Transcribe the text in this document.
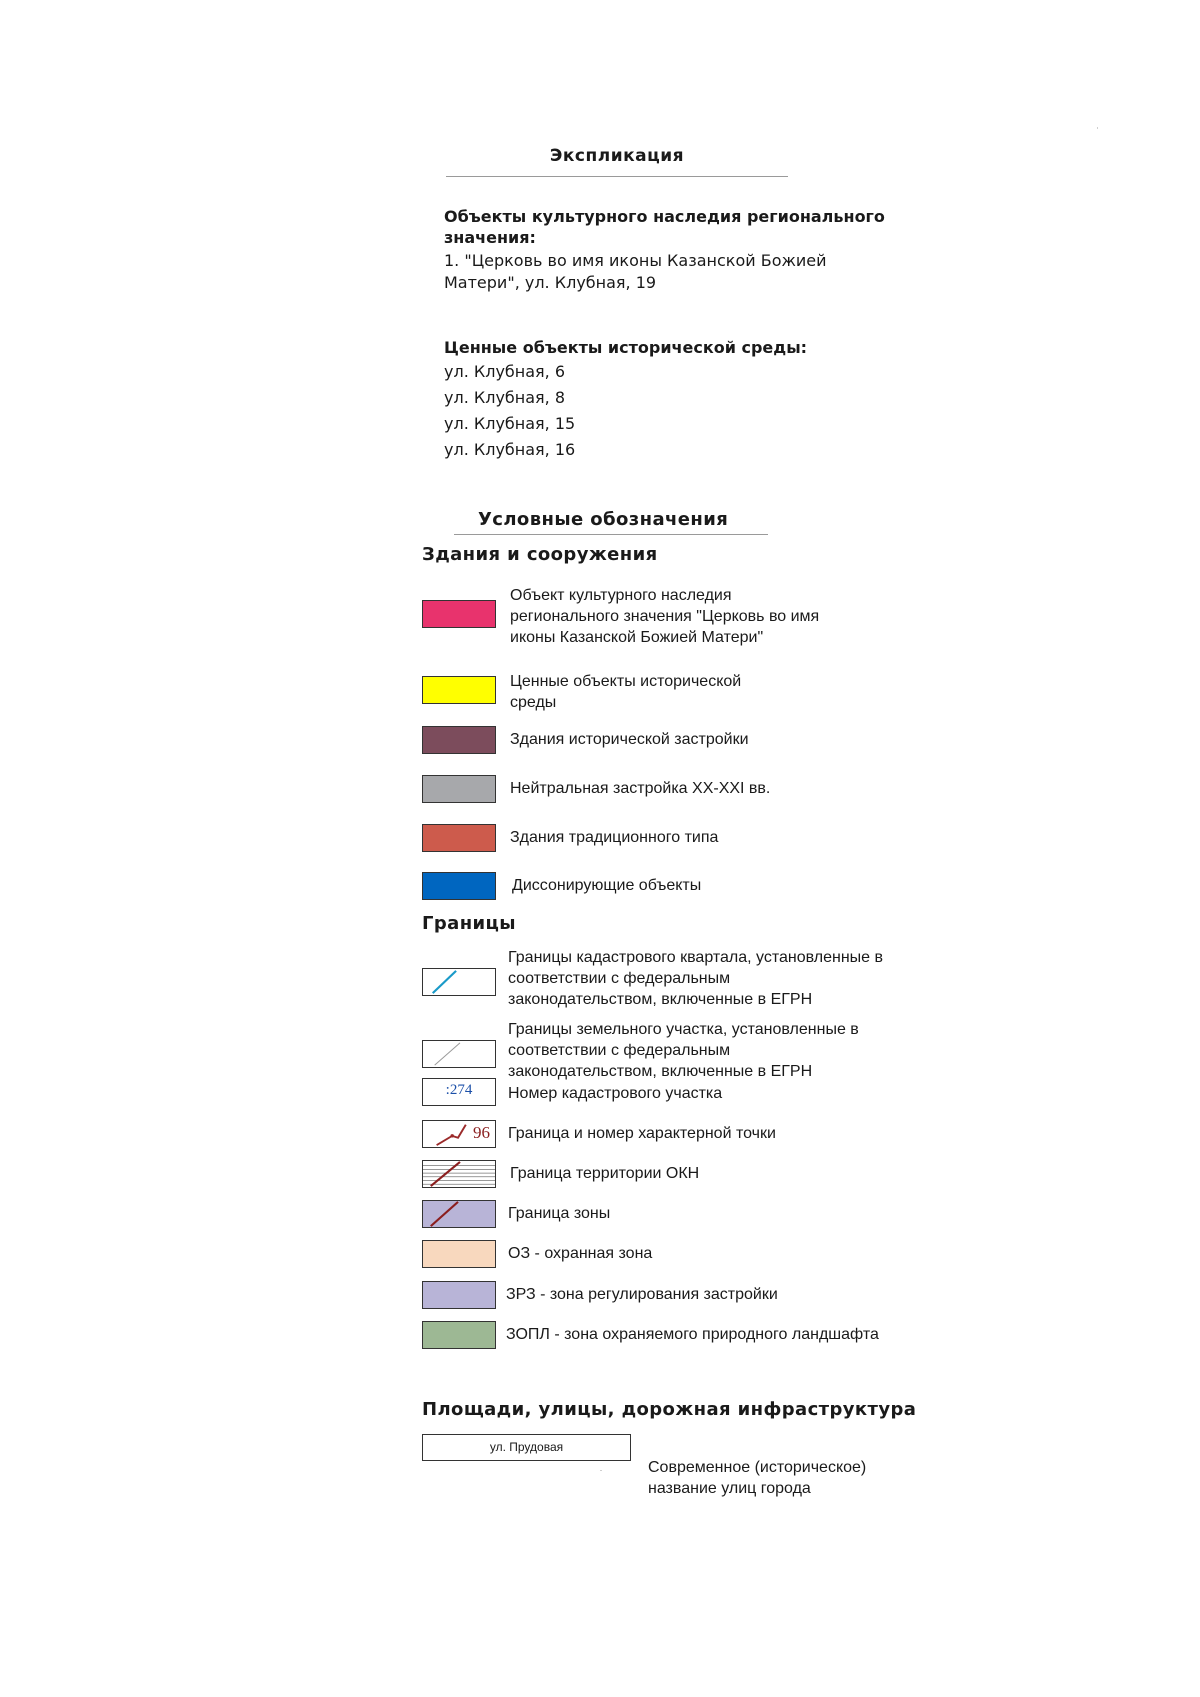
Экспликация
Объекты культурного наследия регионального
значения:
1. "Церковь во имя иконы Казанской Божией
Матери", ул. Клубная, 19
Ценные объекты исторической среды:
ул. Клубная, 6
ул. Клубная, 8
ул. Клубная, 15
ул. Клубная, 16
Условные обозначения
Здания и сооружения
Объект культурного наследия
регионального значения "Церковь во имя
иконы Казанской Божией Матери"
Ценные объекты исторической
среды
Здания исторической застройки
Нейтральная застройка XX-XXI вв.
Здания традиционного типа
Диссонирующие объекты
Границы
Границы кадастрового квартала, установленные в
соответствии с федеральным
законодательством, включенные в ЕГРН
Границы земельного участка, установленные в
соответствии с федеральным
законодательством, включенные в ЕГРН
:274	Номер кадастрового участка
96 Граница и номер характерной точки
Граница территории ОКН
Граница зоны
ОЗ - охранная зона
ЗРЗ - зона регулирования застройки
ЗОПЛ - зона охраняемого природного ландшафта
Площади, улицы, дорожная инфраструктура
ул. Прудовая
Современное (историческое)
название улиц города
